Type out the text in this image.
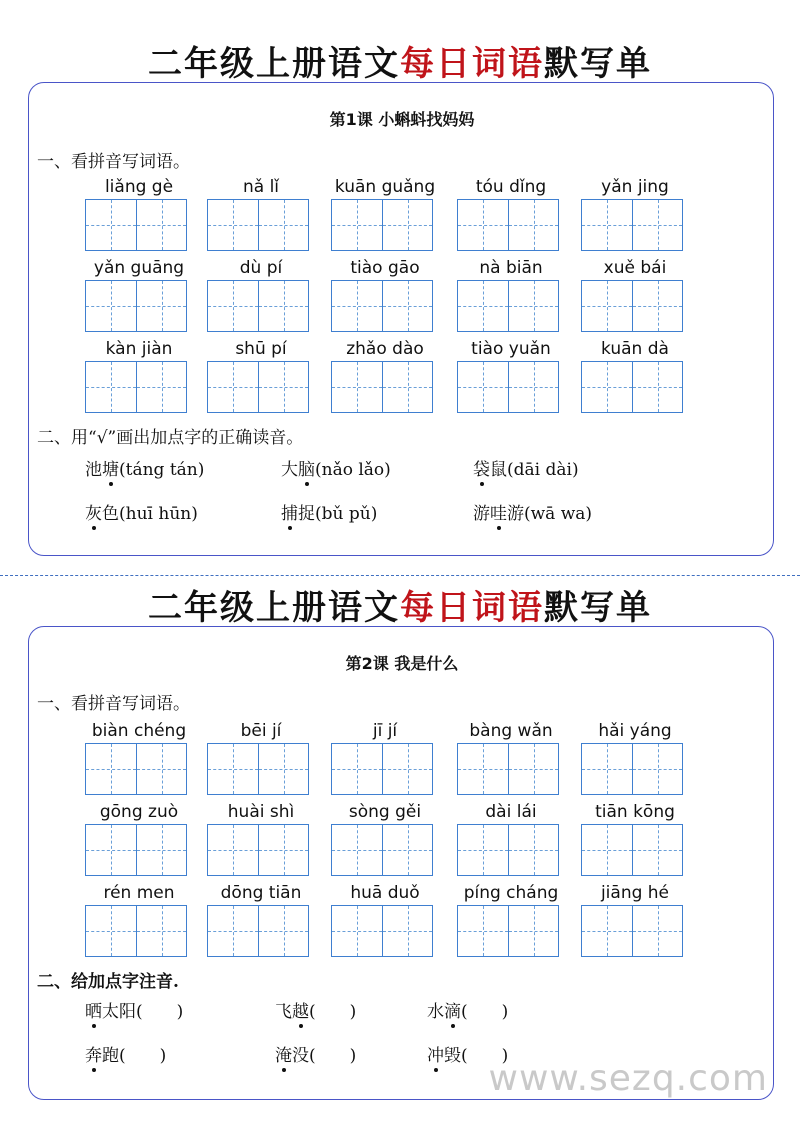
二年级上册语文每日词语默写单
第1课 小蝌蚪找妈妈
一、看拼音写词语。
liǎng gè	nǎ lǐ	kuān guǎng	tóu dǐng	yǎn jing
yǎn guāng	dù pí	tiào gāo	nà biān	xuě bái
kàn jiàn	shū pí	zhǎo dào	tiào yuǎn	kuān dà
二、用“√”画出加点字的正确读音。
池塘(táng tán)	大脑(nǎo lǎo)	袋鼠(dāi dài)
灰色(huī hūn)	捕捉(bǔ pǔ)	游哇游(wā wa)
二年级上册语文每日词语默写单
第2课 我是什么
一、看拼音写词语。
biàn chéng	bēi jí	jī jí	bàng wǎn	hǎi yáng
gōng zuò	huài shì	sòng gěi	dài lái	tiān kōng
rén men	dōng tiān	huā duǒ	píng cháng	jiāng hé
二、给加点字注音.
晒太阳(　　)	飞越(　　)	水滴(　　)
奔跑(　　)	淹没(　　)	冲毁(　　)
www.sezq.com
